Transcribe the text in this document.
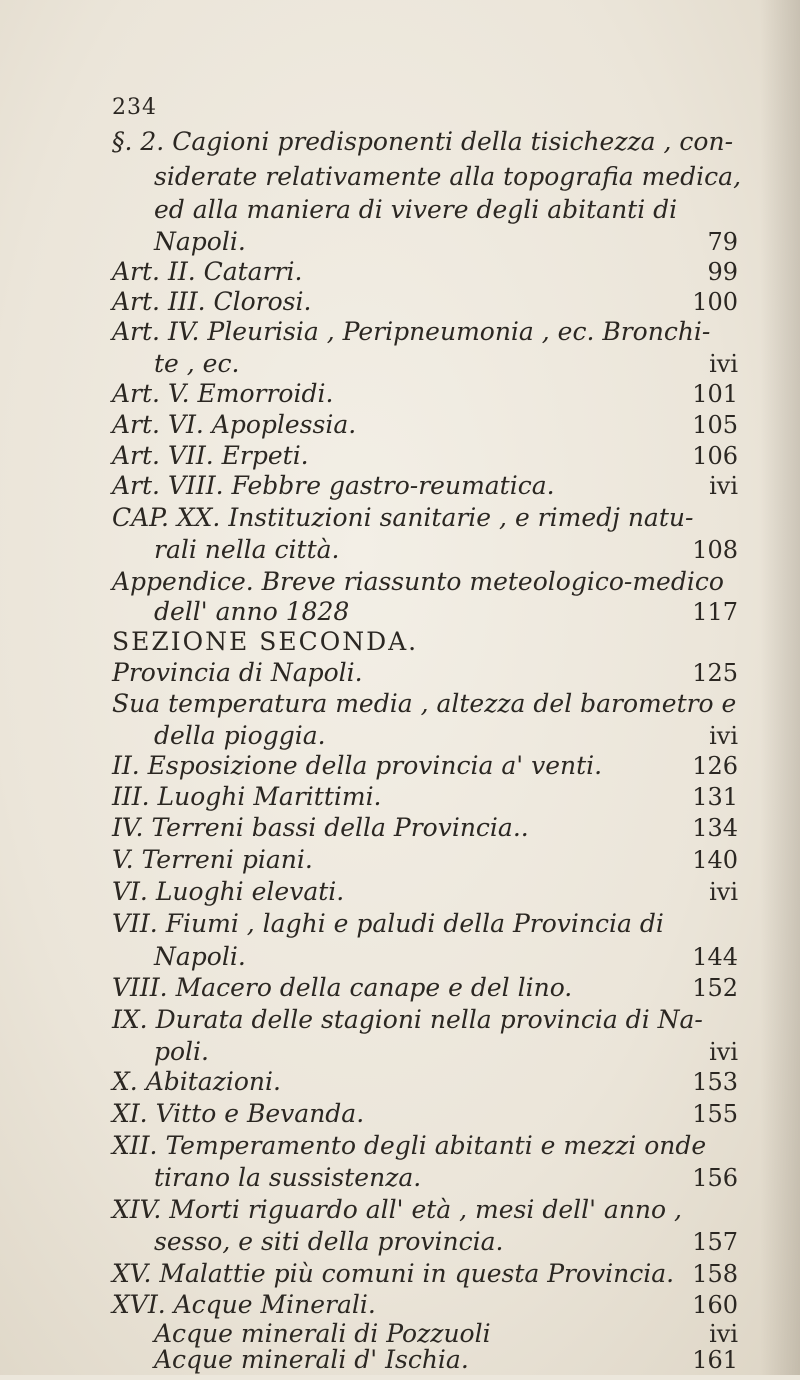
234
§. 2. Cagioni predisponenti della tisichezza , con-
siderate relativamente alla topografia medica,
ed alla maniera di vivere degli abitanti di
Napoli.	79
Art. II. Catarri.	99
Art. III. Clorosi.	100
Art. IV. Pleurisia , Peripneumonia , ec. Bronchi-
te , ec.	ivi
Art. V. Emorroidi.	101
Art. VI. Apoplessia.	105
Art. VII. Erpeti.	106
Art. VIII. Febbre gastro-reumatica.	ivi
CAP. XX. Instituzioni sanitarie , e rimedj natu-
rali nella città.	108
Appendice. Breve riassunto meteologico-medico
dell' anno 1828	117
SEZIONE SECONDA.
Provincia di Napoli.	125
Sua temperatura media , altezza del barometro e
della pioggia.	ivi
II. Esposizione della provincia a' venti.	126
III. Luoghi Marittimi.	131
IV. Terreni bassi della Provincia..	134
V. Terreni piani.	140
VI. Luoghi elevati.	ivi
VII. Fiumi , laghi e paludi della Provincia di
Napoli.	144
VIII. Macero della canape e del lino.	152
IX. Durata delle stagioni nella provincia di Na-
poli.	ivi
X. Abitazioni.	153
XI. Vitto e Bevanda.	155
XII. Temperamento degli abitanti e mezzi onde
tirano la sussistenza.	156
XIV. Morti riguardo all' età , mesi dell' anno ,
sesso, e siti della provincia.	157
XV. Malattie più comuni in questa Provincia. 158
XVI. Acque Minerali.	160
Acque minerali di Pozzuoli	ivi
Acque minerali d' Ischia.	161
